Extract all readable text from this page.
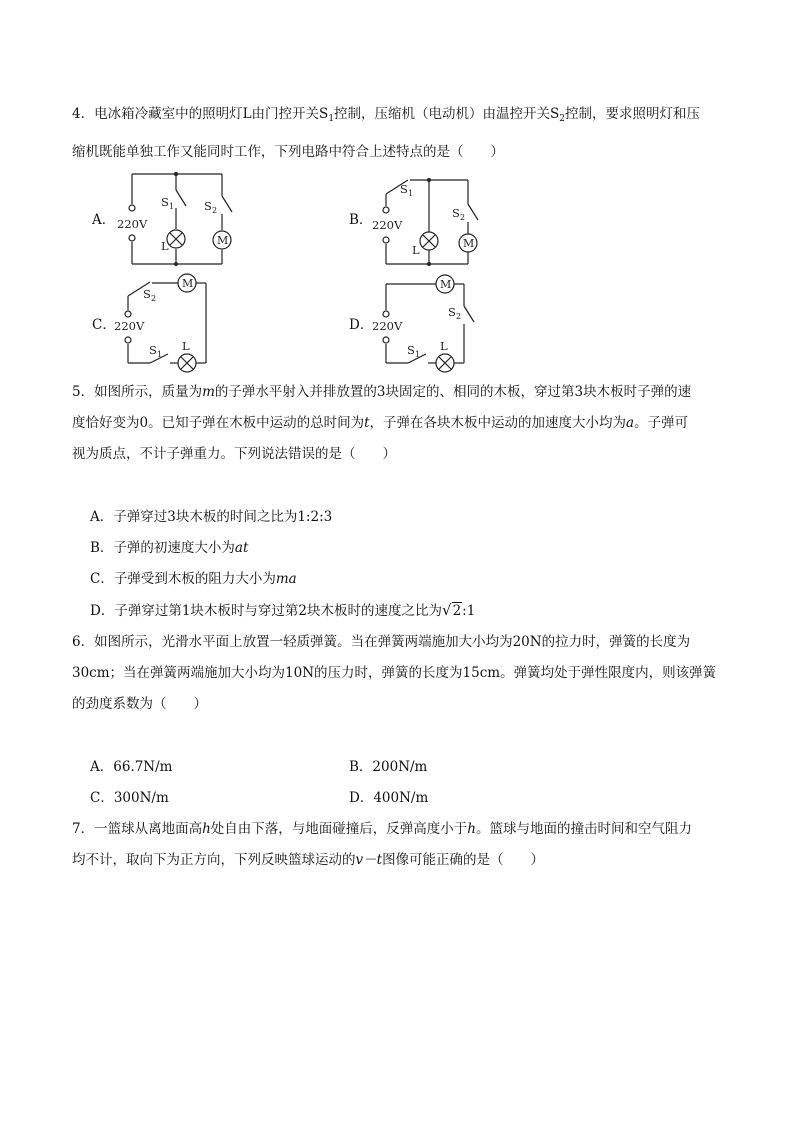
4．电冰箱冷藏室中的照明灯L由门控开关$S_1$控制，压缩机（电动机）由温控开关$S_2$控制，要求照明灯和压
缩机既能单独工作又能同时工作，下列电路中符合上述特点的是（　　）
A．
M
220V
S 1	S 2
L
B．
M
220V
S 1
S 2
L
C．
M
220V
S 2
S 1
L
D．
M
220V
S 2
S 1
L
5．如图所示，质量为m的子弹水平射入并排放置的3块固定的、相同的木板，穿过第3块木板时子弹的速
度恰好变为0。已知子弹在木板中运动的总时间为t，子弹在各块木板中运动的加速度大小均为a。子弹可
视为质点，不计子弹重力。下列说法错误的是（　　）
A．子弹穿过3块木板的时间之比为1:2:3
B．子弹的初速度大小为at
C．子弹受到木板的阻力大小为ma
D．子弹穿过第1块木板时与穿过第2块木板时的速度之比为√2:1
6．如图所示，光滑水平面上放置一轻质弹簧。当在弹簧两端施加大小均为20N的拉力时，弹簧的长度为
30cm；当在弹簧两端施加大小均为10N的压力时，弹簧的长度为15cm。弹簧均处于弹性限度内，则该弹簧
的劲度系数为（　　）
A．66.7N/m	B．200N/m
C．300N/m	D．400N/m
7．一篮球从离地面高h处自由下落，与地面碰撞后，反弹高度小于h。篮球与地面的撞击时间和空气阻力
均不计，取向下为正方向，下列反映篮球运动的v－t图像可能正确的是（　　）
